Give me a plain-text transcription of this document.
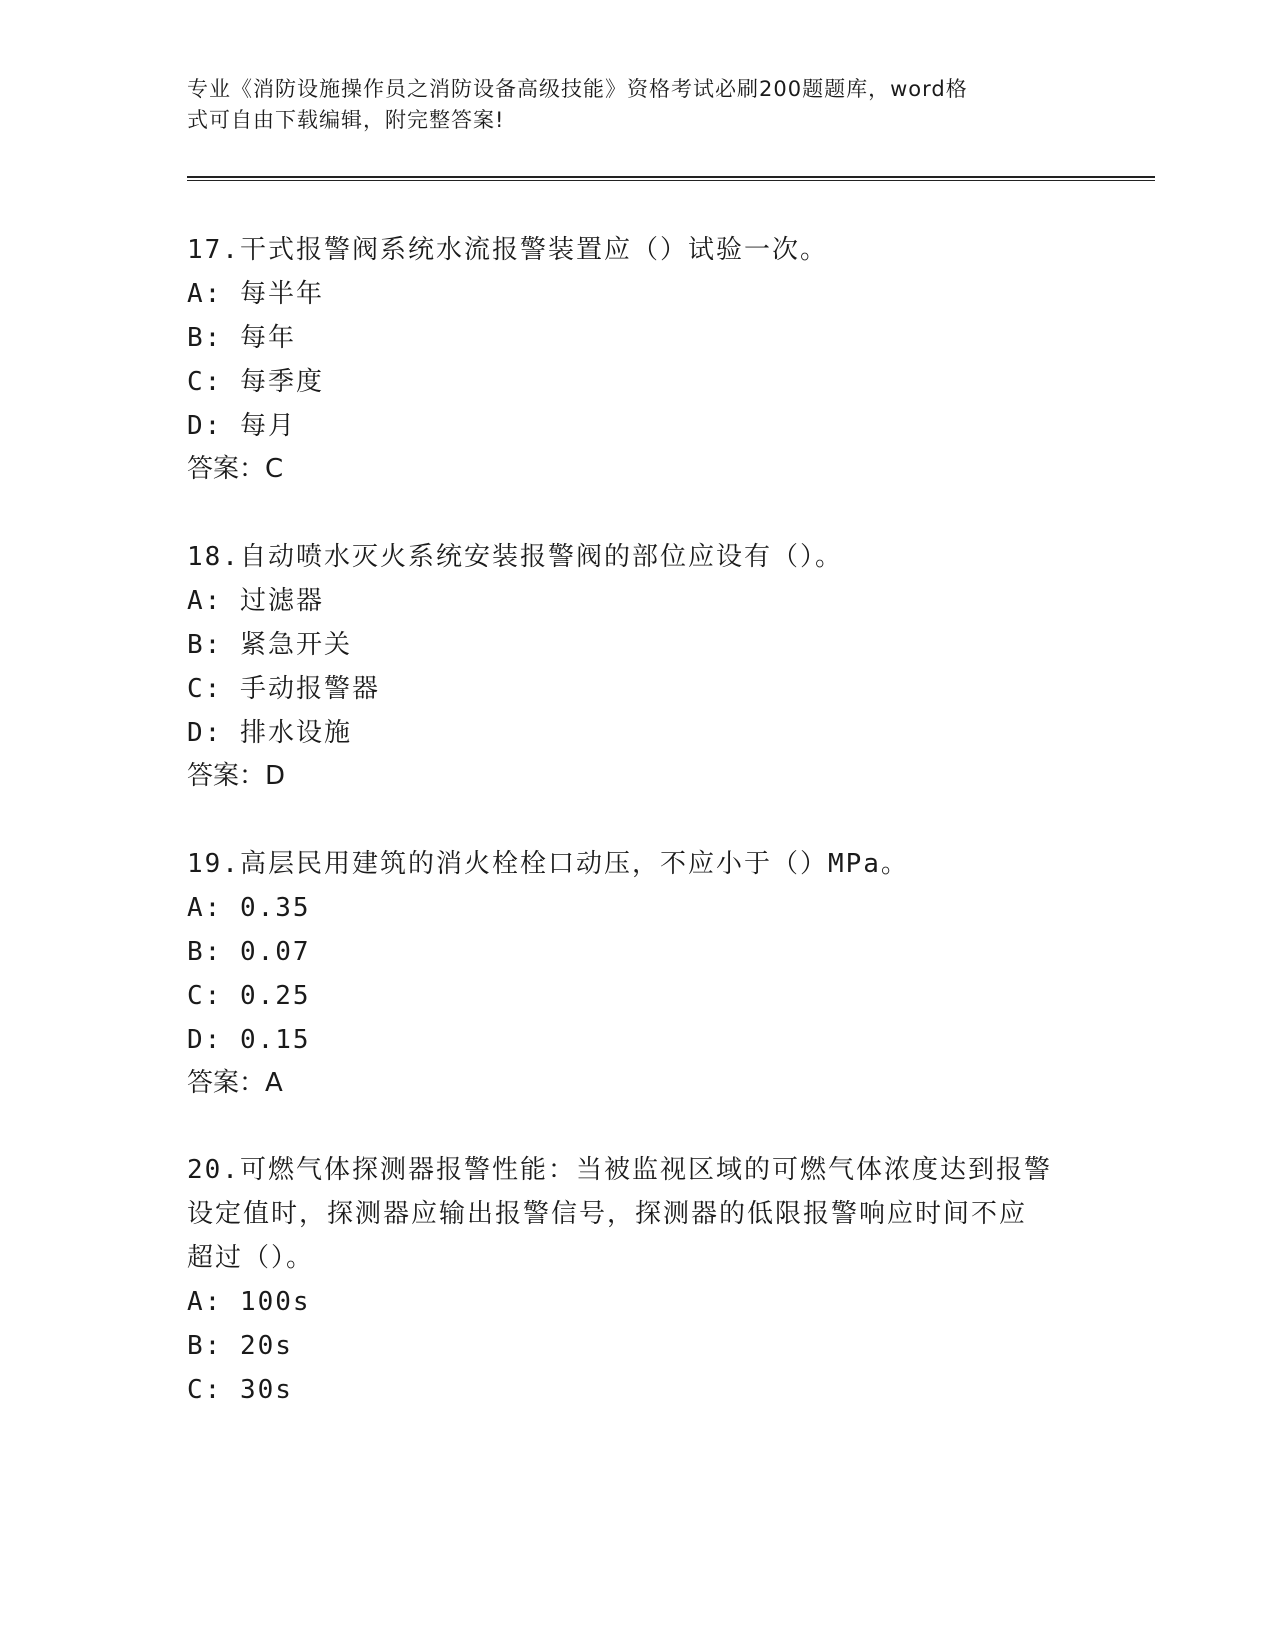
专业《消防设施操作员之消防设备高级技能》资格考试必刷200题题库，word格
式可自由下载编辑，附完整答案!
17.干式报警阀系统水流报警装置应（）试验一次。
A: 每半年
B: 每年
C: 每季度
D: 每月
答案：C
18.自动喷水灭火系统安装报警阀的部位应设有（）。
A: 过滤器
B: 紧急开关
C: 手动报警器
D: 排水设施
答案：D
19.高层民用建筑的消火栓栓口动压，不应小于（）MPa。
A: 0.35
B: 0.07
C: 0.25
D: 0.15
答案：A
20.可燃气体探测器报警性能：当被监视区域的可燃气体浓度达到报警
设定值时，探测器应输出报警信号，探测器的低限报警响应时间不应
超过（）。
A: 100s
B: 20s
C: 30s
